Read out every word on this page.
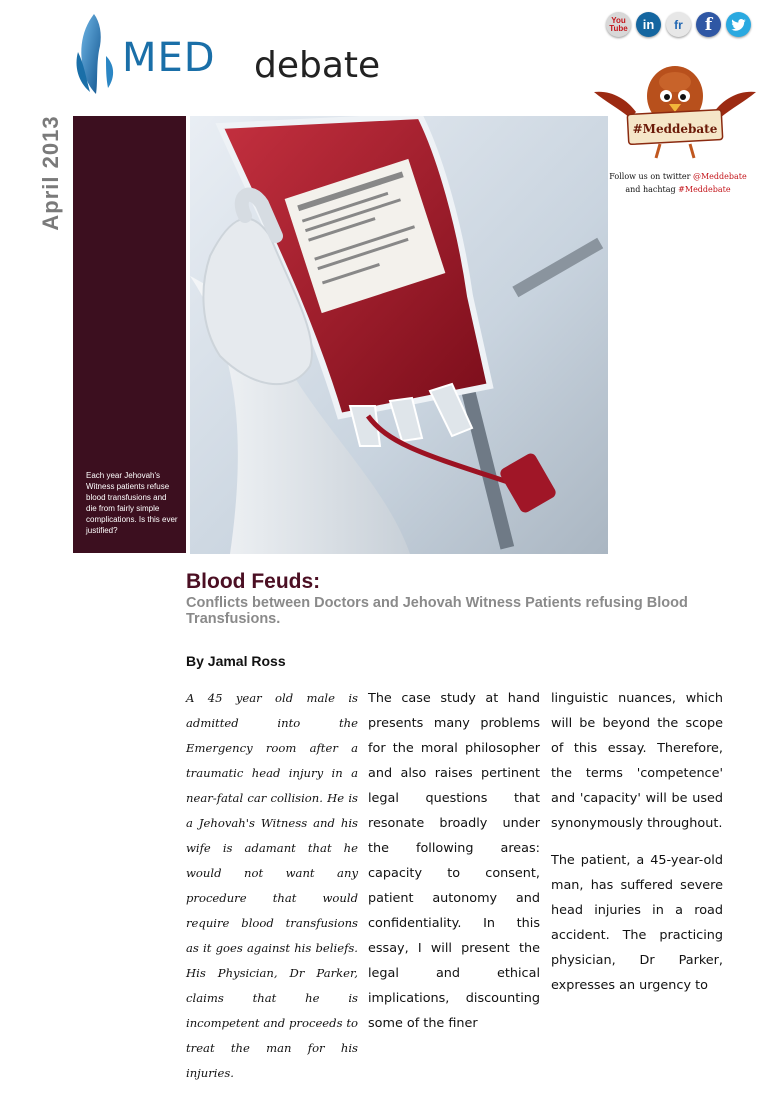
MED debate
You
Tube	in	fr	f
#Meddebate
Follow us on twitter @Meddebate
and hachtag #Meddebate
April 2013
Each year Jehovah's Witness patients refuse blood transfusions and die from fairly simple complications. Is this ever justified?
Blood Feuds:
Conflicts between Doctors and Jehovah Witness Patients refusing Blood Transfusions.
By Jamal Ross

A 45 year old male is admitted into the Emergency room after a traumatic head injury in a near-fatal car collision. He is a Jehovah's Witness and his wife is adamant that he would not want any procedure that would require blood transfusions as it goes against his beliefs. His Physician, Dr Parker, claims that he is incompetent and proceeds to treat the man for his injuries.

The case study at hand presents many problems for the moral philosopher and also raises pertinent legal questions that resonate broadly under the following areas: capacity to consent, patient autonomy and confidentiality. In this essay, I will present the legal and ethical implications, discounting some of the finer

linguistic nuances, which will be beyond the scope of this essay. Therefore, the terms 'competence' and 'capacity' will be used synonymously throughout.

The patient, a 45-year-old man, has suffered severe head injuries in a road accident. The practicing physician, Dr Parker, expresses an urgency to
